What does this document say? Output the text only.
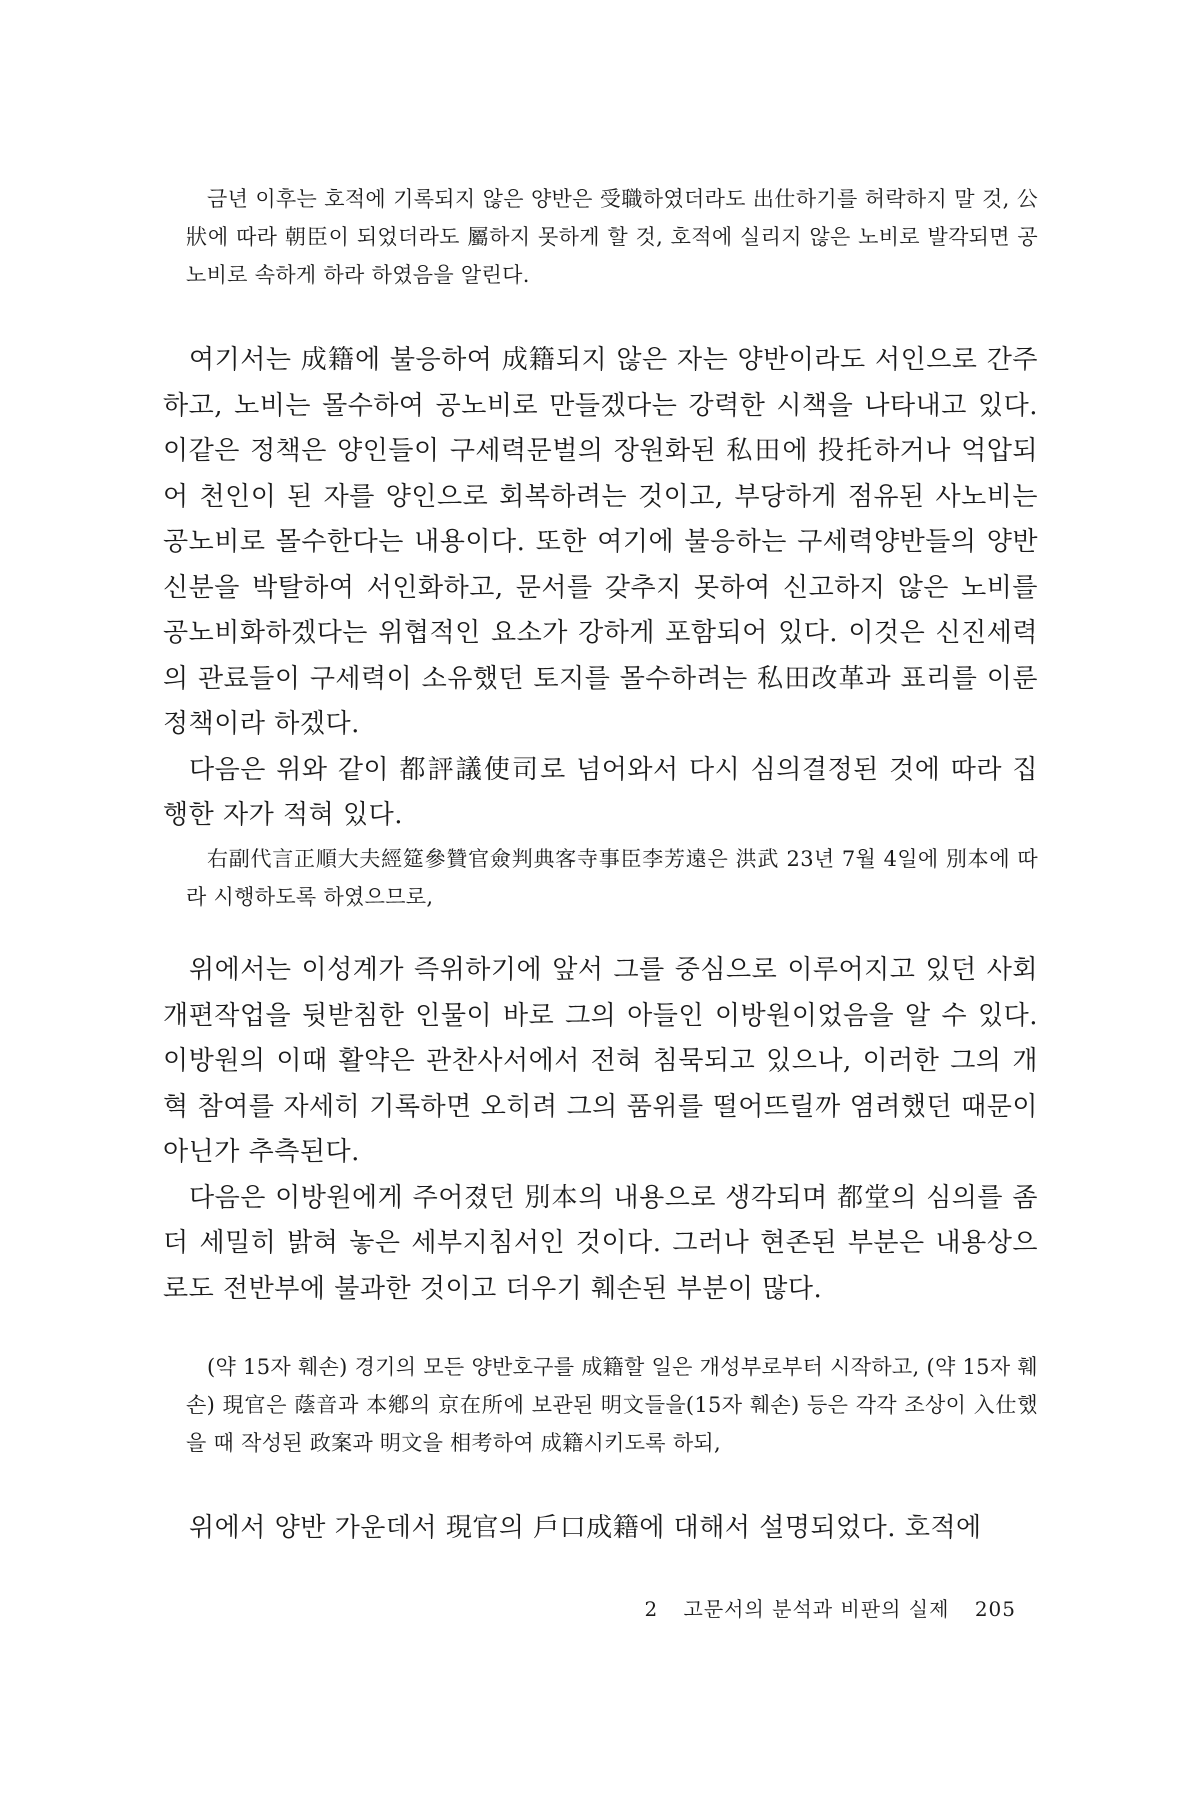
금년 이후는 호적에 기록되지 않은 양반은 受職하였더라도 出仕하기를 허락하지 말 것, 公狀에 따라 朝臣이 되었더라도 屬하지 못하게 할 것, 호적에 실리지 않은 노비로 발각되면 공노비로 속하게 하라 하였음을 알린다.

여기서는 成籍에 불응하여 成籍되지 않은 자는 양반이라도 서인으로 간주하고, 노비는 몰수하여 공노비로 만들겠다는 강력한 시책을 나타내고 있다. 이같은 정책은 양인들이 구세력문벌의 장원화된 私田에 投托하거나 억압되어 천인이 된 자를 양인으로 회복하려는 것이고, 부당하게 점유된 사노비는 공노비로 몰수한다는 내용이다. 또한 여기에 불응하는 구세력양반들의 양반신분을 박탈하여 서인화하고, 문서를 갖추지 못하여 신고하지 않은 노비를 공노비화하겠다는 위협적인 요소가 강하게 포함되어 있다. 이것은 신진세력의 관료들이 구세력이 소유했던 토지를 몰수하려는 私田改革과 표리를 이룬 정책이라 하겠다.

다음은 위와 같이 都評議使司로 넘어와서 다시 심의결정된 것에 따라 집행한 자가 적혀 있다.

右副代言正順大夫經筵參贊官僉判典客寺事臣李芳遠은 洪武 23년 7월 4일에 別本에 따라 시행하도록 하였으므로,

위에서는 이성계가 즉위하기에 앞서 그를 중심으로 이루어지고 있던 사회개편작업을 뒷받침한 인물이 바로 그의 아들인 이방원이었음을 알 수 있다. 이방원의 이때 활약은 관찬사서에서 전혀 침묵되고 있으나, 이러한 그의 개혁 참여를 자세히 기록하면 오히려 그의 품위를 떨어뜨릴까 염려했던 때문이 아닌가 추측된다.

다음은 이방원에게 주어졌던 別本의 내용으로 생각되며 都堂의 심의를 좀더 세밀히 밝혀 놓은 세부지침서인 것이다. 그러나 현존된 부분은 내용상으로도 전반부에 불과한 것이고 더우기 훼손된 부분이 많다.

(약 15자 훼손) 경기의 모든 양반호구를 成籍할 일은 개성부로부터 시작하고, (약 15자 훼손) 現官은 蔭音과 本鄕의 京在所에 보관된 明文들을(15자 훼손) 등은 각각 조상이 入仕했을 때 작성된 政案과 明文을 相考하여 成籍시키도록 하되,

위에서 양반 가운데서 現官의 戶口成籍에 대해서 설명되었다. 호적에

2 고문서의 분석과 비판의 실제 205
